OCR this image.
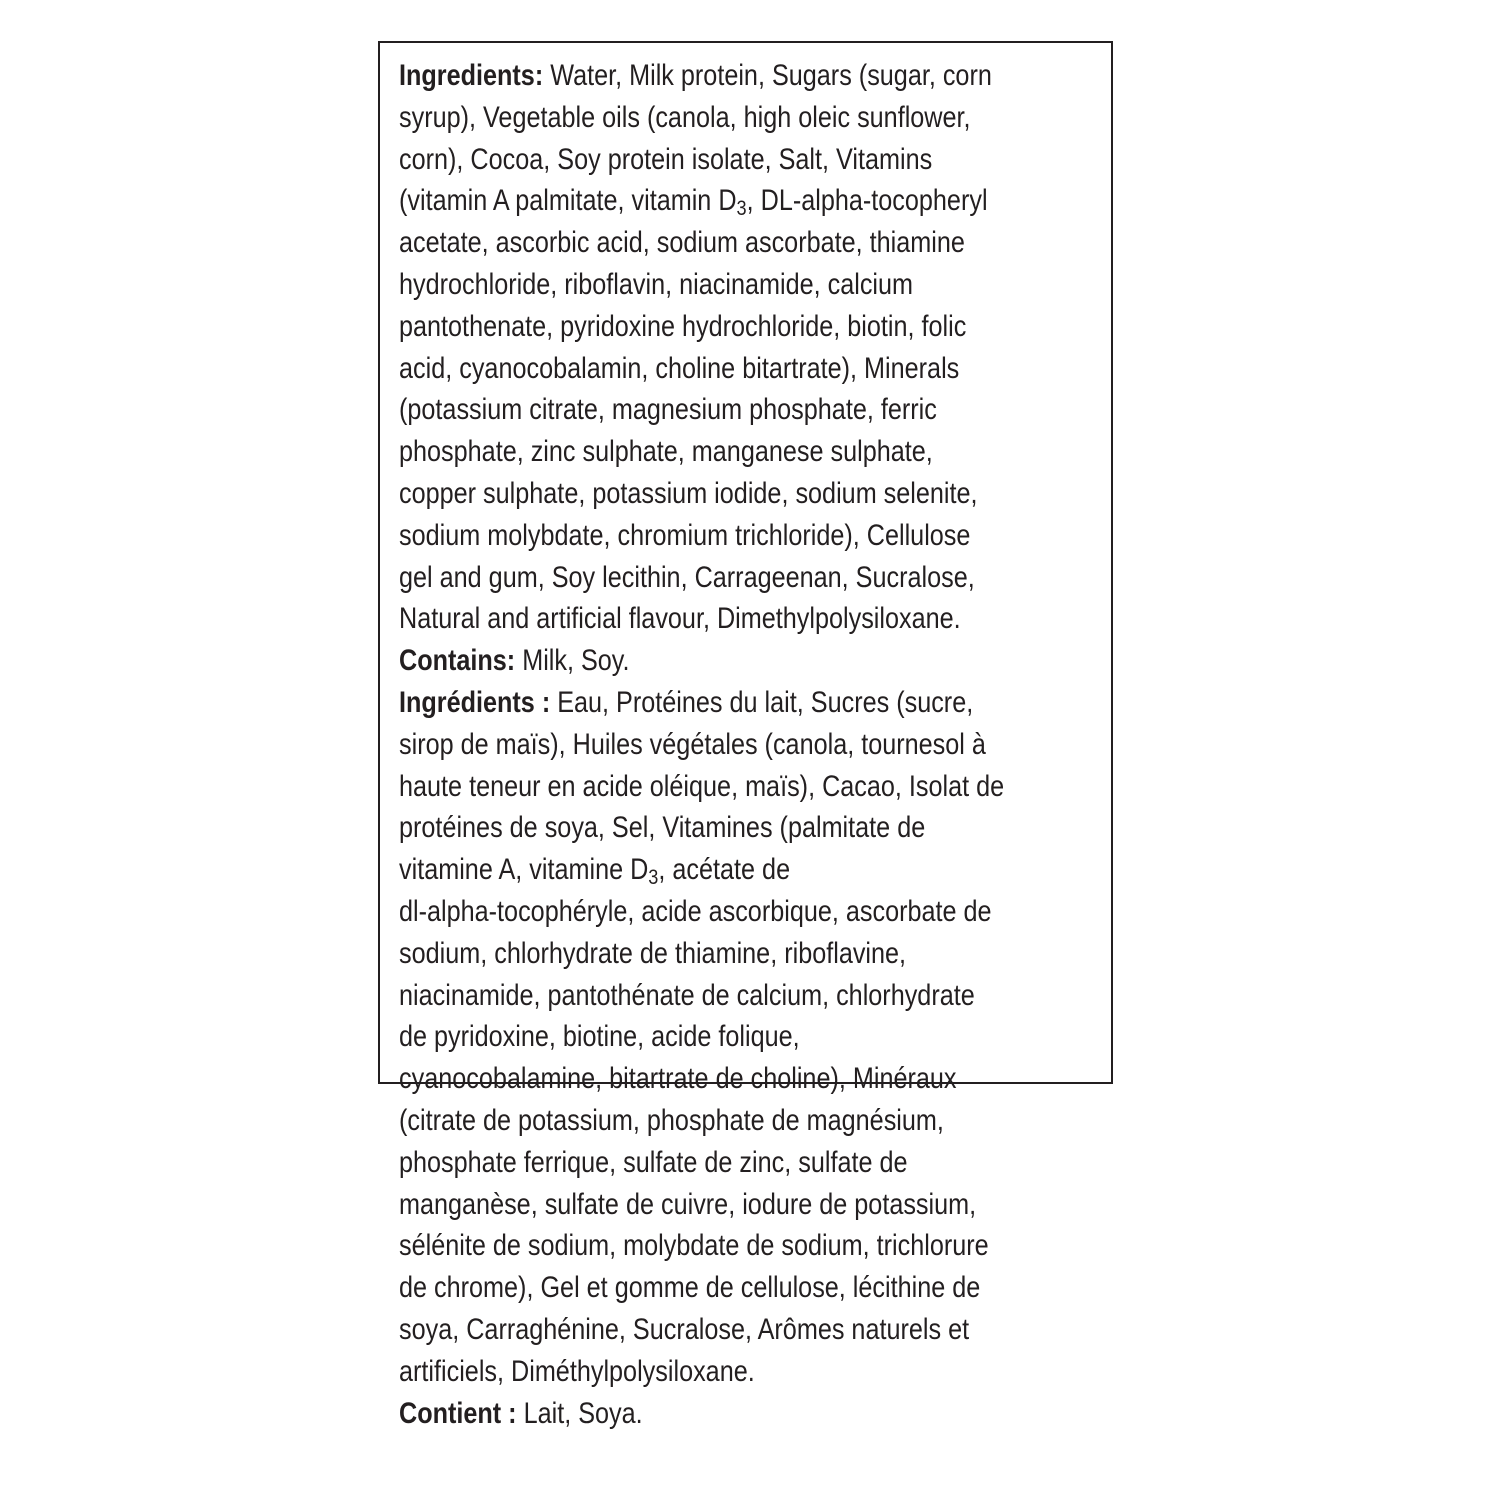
Ingredients: Water, Milk protein, Sugars (sugar, corn
syrup), Vegetable oils (canola, high oleic sunflower,
corn), Cocoa, Soy protein isolate, Salt, Vitamins
(vitamin A palmitate, vitamin $D_3$, DL-alpha-tocopheryl
acetate, ascorbic acid, sodium ascorbate, thiamine
hydrochloride, riboflavin, niacinamide, calcium
pantothenate, pyridoxine hydrochloride, biotin, folic
acid, cyanocobalamin, choline bitartrate), Minerals
(potassium citrate, magnesium phosphate, ferric
phosphate, zinc sulphate, manganese sulphate,
copper sulphate, potassium iodide, sodium selenite,
sodium molybdate, chromium trichloride), Cellulose
gel and gum, Soy lecithin, Carrageenan, Sucralose,
Natural and artificial flavour, Dimethylpolysiloxane.
Contains: Milk, Soy.
Ingrédients : Eau, Protéines du lait, Sucres (sucre,
sirop de maïs), Huiles végétales (canola, tournesol à
haute teneur en acide oléique, maïs), Cacao, Isolat de
protéines de soya, Sel, Vitamines (palmitate de
vitamine A, vitamine $D_3$, acétate de
dl-alpha-tocophéryle, acide ascorbique, ascorbate de
sodium, chlorhydrate de thiamine, riboflavine,
niacinamide, pantothénate de calcium, chlorhydrate
de pyridoxine, biotine, acide folique,
cyanocobalamine, bitartrate de choline), Minéraux
(citrate de potassium, phosphate de magnésium,
phosphate ferrique, sulfate de zinc, sulfate de
manganèse, sulfate de cuivre, iodure de potassium,
sélénite de sodium, molybdate de sodium, trichlorure
de chrome), Gel et gomme de cellulose, lécithine de
soya, Carraghénine, Sucralose, Arômes naturels et
artificiels, Diméthylpolysiloxane.
Contient : Lait, Soya.
